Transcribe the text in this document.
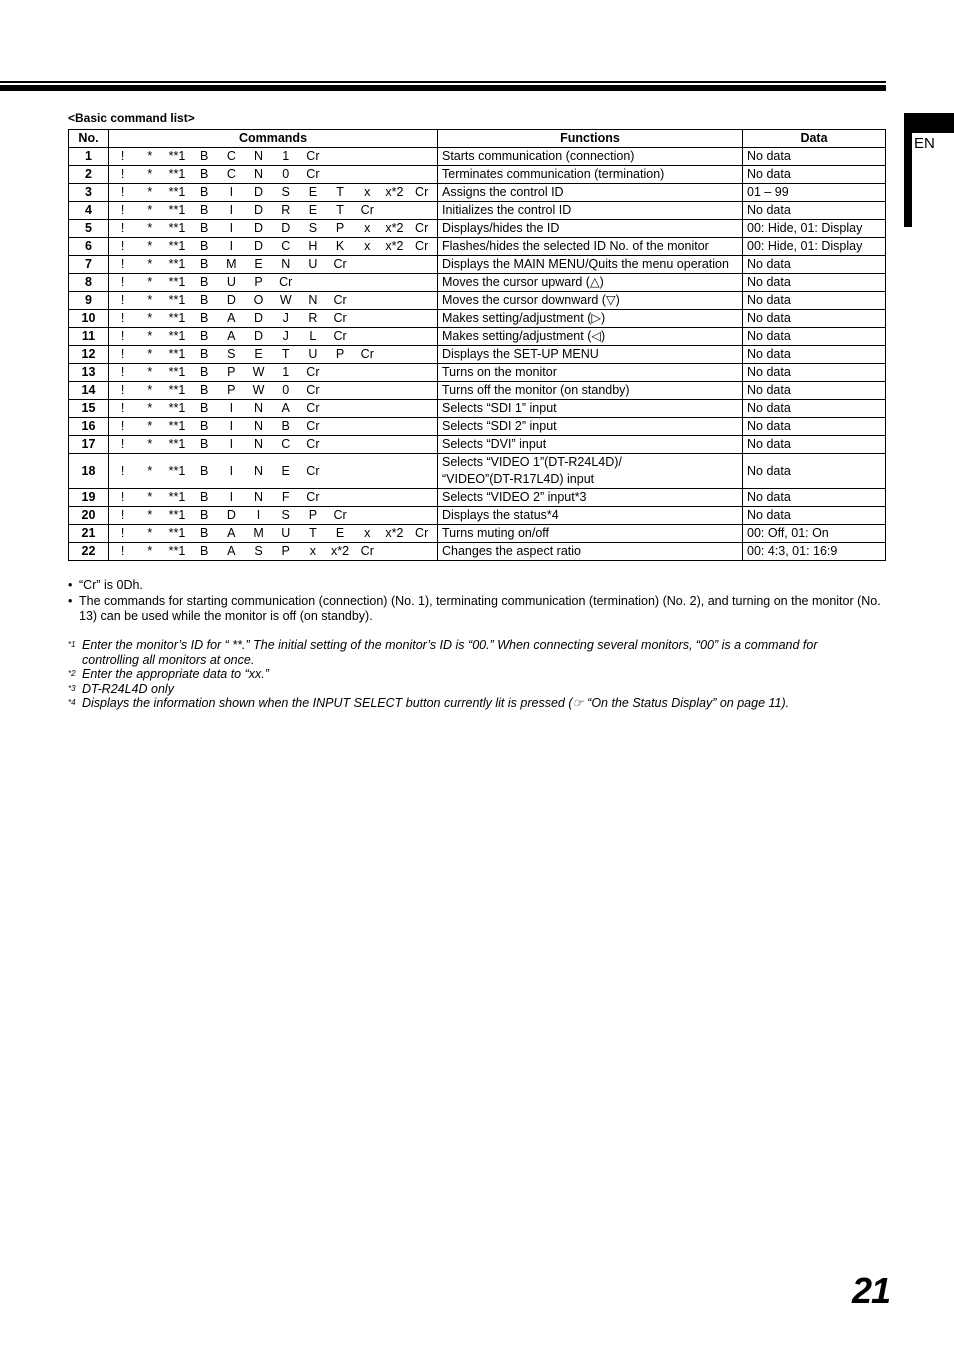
EN
<Basic command list>
No.	Commands	Functions	Data
1	! * **1 B C N 1 Cr	Starts communication (connection)	No data
2	! * **1 B C N 0 Cr	Terminates communication (termination)	No data
3	! * **1 B I D S E T x x*2 Cr	Assigns the control ID	01 – 99
4	! * **1 B I D R E T Cr	Initializes the control ID	No data
5	! * **1 B I D D S P x x*2 Cr	Displays/hides the ID	00: Hide, 01: Display
6	! * **1 B I D C H K x x*2 Cr	Flashes/hides the selected ID No. of the monitor	00: Hide, 01: Display
7	! * **1 B M E N U Cr	Displays the MAIN MENU/Quits the menu operation	No data
8	! * **1 B U P Cr	Moves the cursor upward (△)	No data
9	! * **1 B D O W N Cr	Moves the cursor downward (▽)	No data
10	! * **1 B A D J R Cr	Makes setting/adjustment (▷)	No data
11	! * **1 B A D J L Cr	Makes setting/adjustment (◁)	No data
12	! * **1 B S E T U P Cr	Displays the SET-UP MENU	No data
13	! * **1 B P W 1 Cr	Turns on the monitor	No data
14	! * **1 B P W 0 Cr	Turns off the monitor (on standby)	No data
15	! * **1 B I N A Cr	Selects “SDI 1” input	No data
16	! * **1 B I N B Cr	Selects “SDI 2” input	No data
17	! * **1 B I N C Cr	Selects “DVI” input	No data
18	! * **1 B I N E Cr	Selects “VIDEO 1”(DT-R24L4D)/
“VIDEO”(DT-R17L4D) input	No data
19	! * **1 B I N F Cr	Selects “VIDEO 2” input*3	No data
20	! * **1 B D I S P Cr	Displays the status*4	No data
21	! * **1 B A M U T E x x*2 Cr	Turns muting on/off	00: Off, 01: On
22	! * **1 B A S P x x*2 Cr	Changes the aspect ratio	00: 4:3, 01: 16:9
• “Cr” is 0Dh.
• The commands for starting communication (connection) (No. 1), terminating communication (termination) (No. 2), and turning on the monitor (No. 13) can be used while the monitor is off (on standby).
*1 Enter the monitor’s ID for “ **.” The initial setting of the monitor’s ID is “00.” When connecting several monitors, “00” is a command for controlling all monitors at once.
*2 Enter the appropriate data to “xx.”
*3 DT-R24L4D only
*4 Displays the information shown when the INPUT SELECT button currently lit is pressed (☞ “On the Status Display” on page 11).
21
